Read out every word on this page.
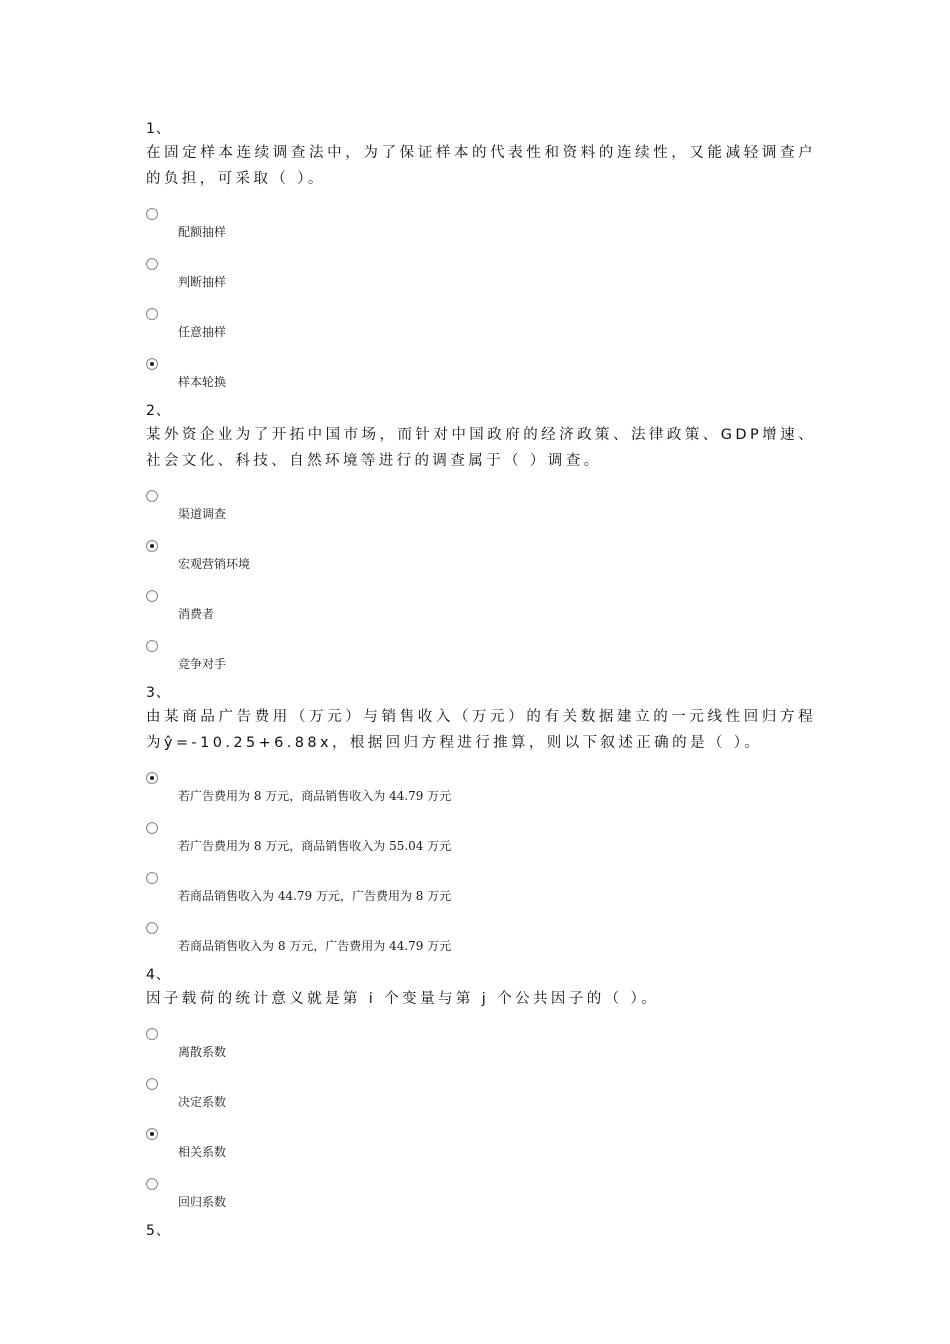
1、
在固定样本连续调查法中，为了保证样本的代表性和资料的连续性，又能减轻调查户的负担，可采取（ ）。
配额抽样
判断抽样
任意抽样
样本轮换
2、
某外资企业为了开拓中国市场，而针对中国政府的经济政策、法律政策、GDP增速、社会文化、科技、自然环境等进行的调查属于（ ）调查。
渠道调查
宏观营销环境
消费者
竞争对手
3、
由某商品广告费用（万元）与销售收入（万元）的有关数据建立的一元线性回归方程为ŷ=-10.25+6.88x，根据回归方程进行推算，则以下叙述正确的是（ ）。
若广告费用为 8 万元，商品销售收入为 44.79 万元
若广告费用为 8 万元，商品销售收入为 55.04 万元
若商品销售收入为 44.79 万元，广告费用为 8 万元
若商品销售收入为 8 万元，广告费用为 44.79 万元
4、
因子载荷的统计意义就是第 i 个变量与第 j 个公共因子的（ ）。
离散系数
决定系数
相关系数
回归系数
5、
